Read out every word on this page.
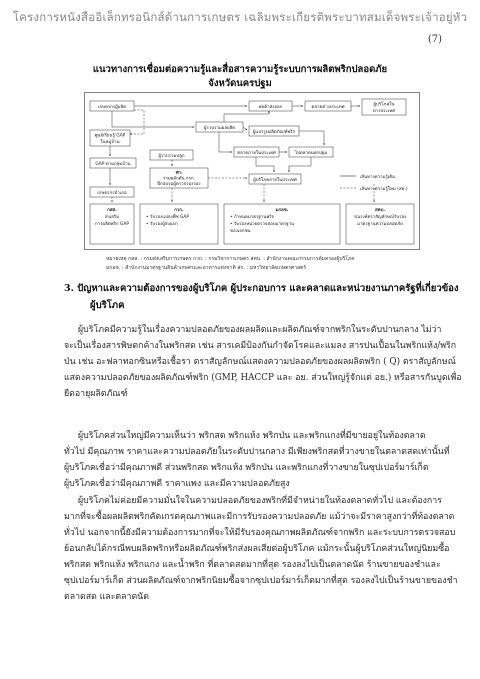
โครงการหนังสืออิเล็กทรอนิกส์ด้านการเกษตร เฉลิมพระเกียรติพระบาทสมเด็จพระเจ้าอยู่หัว
(7)
แนวทางการเชื่อมต่อความรู้และสื่อสารความรู้ระบบการผลิตพริกปลอดภัย
จังหวัดนครปฐม
เกษตรกรผู้ผลิต
ผู้รวบรวมผลผลิต
พ่อค้าส่งออก	ตลาดต่างประเทศ	ผู้บริโภคใน
ต่างประเทศ
ศูนย์เรียนรู้ GAP
ในหมู่บ้าน
GAP ตามกลุ่มบ้าน
ผู้รวบรวมปลูก
ผู้แปรรูปผลิตภัณฑ์พริก
ตลาดภายในประเทศ	ไปตลาดนครปฐม
ผู้บริโภคภายในประเทศ
เกษตรกรอำเภอ
สก.
ร่วมผลักดัน กรก.
ฝึกอบรมผู้ตรวจรองรอง
เส้นทางความรู้เดิม
เส้นทางความรู้ใหม่ (สค.)
กสส.
ส่งเสริม
การผลิตพริก GAP
กวก.
• รับรองแปลงพืช GAP
• รับรองผู้ส่งออก
มกอช.
• กำหนดมาตรฐานพริก
• รับรองหน่วยตรวจสอบมาตรฐาน
ของเอกชน
สคบ.
รณรงค์ตราสัญลักษณ์รับรอง
มาตรฐานความปลอดภัย
หมายเหตุ กสส. : กรมส่งเสริมการเกษตร กวก. : กรมวิชาการเกษตร สคบ. : สำนักงานคณะกรรมการคุ้มครองผู้บริโภค
มกอช. : สำนักงานมาตรฐานสินค้าเกษตรและอาหารแห่งชาติ สก. : มหาวิทยาลัยเกษตรศาสตร์
3. ปัญหาและความต้องการของผู้บริโภค ผู้ประกอบการ และคลาดและหน่วยงานภาครัฐที่เกี่ยวข้อง
ผู้บริโภค
ผู้บริโภคมีความรู้ในเรื่องความปลอดภัยของผลผลิตและผลิตภัณฑ์จากพริกในระดับปานกลาง ไม่ว่า
จะเป็นเรื่องสารพิษตกค้างในพริกสด เช่น สารเคมีป้องกันกำจัดโรคและแมลง สารปนเปื้อนในพริกแห้ง/พริก
ป่น เช่น อะฟลาทอกซินหรือเชื้อรา ตราสัญลักษณ์แสดงความปลอดภัยของผลผลิตพริก ( Q) ตราสัญลักษณ์
แสดงความปลอดภัยของผลิตภัณฑ์พริก (GMP, HACCP และ อย. ส่วนใหญ่รู้จักแต่ อย.) หรือสารกันบูดเพื่อ
ยืดอายุผลิตภัณฑ์
ผู้บริโภคส่วนใหญ่มีความเห็นว่า พริกสด พริกแห้ง พริกป่น และพริกแกงที่มีขายอยู่ในท้องตลาด
ทั่วไป มีคุณภาพ ราคาและความปลอดภัยในระดับปานกลาง มีเพียงพริกสดที่วางขายในตลาดสดเท่านั้นที่
ผู้บริโภคเชื่อว่ามีคุณภาพดี ส่วนพริกสด พริกแห้ง พริกป่น และพริกแกงที่วางขายในซุปเปอร์มาร์เก็ต
ผู้บริโภคเชื่อว่ามีคุณภาพดี ราคาแพง และมีความปลอดภัยสูง
ผู้บริโภคไม่ค่อยมีความมั่นใจในความปลอดภัยของพริกที่มีจำหน่ายในท้องตลาดทั่วไป และต้องการ
มากที่จะซื้อผลผลิตพริกคัดเกรดคุณภาพและมีการรับรองความปลอดภัย แม้ว่าจะมีราคาสูงกว่าที่ท้องตลาด
ทั่วไป นอกจากนี้ยังมีความต้องการมากที่จะให้มีรับรองคุณภาพผลิตภัณฑ์จากพริก และระบบการตรวจสอบ
ย้อนกลับได้กรณีพบผลิตพริกหรือผลิตภัณฑ์พริกส่งผลเสียต่อผู้บริโภค แม้กระนั้นผู้บริโภคส่วนใหญ่นิยมซื้อ
พริกสด พริกแห้ง พริกแกง และน้ำพริก ที่ตลาดสดมากที่สุด รองลงไปเป็นตลาดนัด ร้านขายของชำและ
ซุปเปอร์มาร์เก็ต ส่วนผลิตภัณฑ์จากพริกนิยมซื้อจากซุปเปอร์มาร์เก็ตมากที่สุด รองลงไปเป็นร้านขายของชำ
ตลาดสด และตลาดนัด
